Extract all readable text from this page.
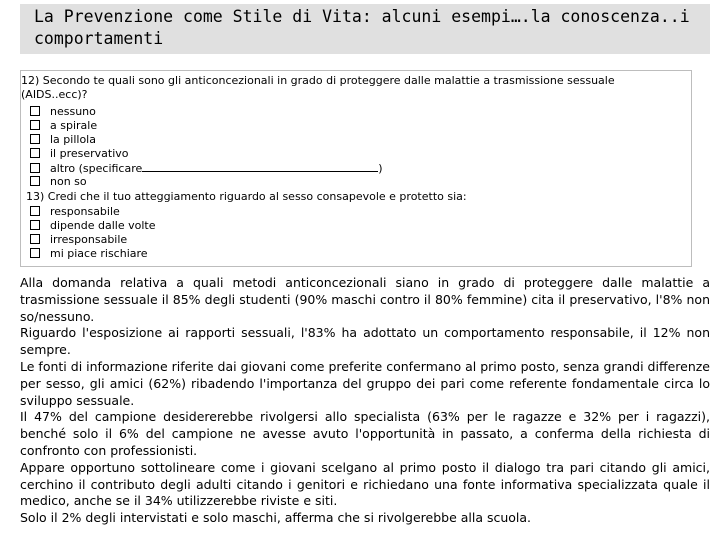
La Prevenzione come Stile di Vita: alcuni esempi….la conoscenza..i
comportamenti
12) Secondo te quali sono gli anticoncezionali in grado di proteggere dalle malattie a trasmissione sessuale
(AIDS..ecc)?
nessuno
a spirale
la pillola
il preservativo
altro (specificare	)
non so
13) Credi che il tuo atteggiamento riguardo al sesso consapevole e protetto sia:
responsabile
dipende dalle volte
irresponsabile
mi piace rischiare

Alla domanda relativa a quali metodi anticoncezionali siano in grado di proteggere dalle malattie a trasmissione sessuale il 85% degli studenti (90% maschi contro il 80% femmine) cita il preservativo, l'8% non so/nessuno.

Riguardo l'esposizione ai rapporti sessuali, l'83% ha adottato un comportamento responsabile, il 12% non sempre.

Le fonti di informazione riferite dai giovani come preferite confermano al primo posto, senza grandi differenze per sesso, gli amici (62%) ribadendo l'importanza del gruppo dei pari come referente fondamentale circa lo sviluppo sessuale.

Il 47% del campione desidererebbe rivolgersi allo specialista (63% per le ragazze e 32% per i ragazzi), benché solo il 6% del campione ne avesse avuto l'opportunità in passato, a conferma della richiesta di confronto con professionisti.

Appare opportuno sottolineare come i giovani scelgano al primo posto il dialogo tra pari citando gli amici, cerchino il contributo degli adulti citando i genitori e richiedano una fonte informativa specializzata quale il medico, anche se il 34% utilizzerebbe riviste e siti.

Solo il 2% degli intervistati e solo maschi, afferma che si rivolgerebbe alla scuola.
